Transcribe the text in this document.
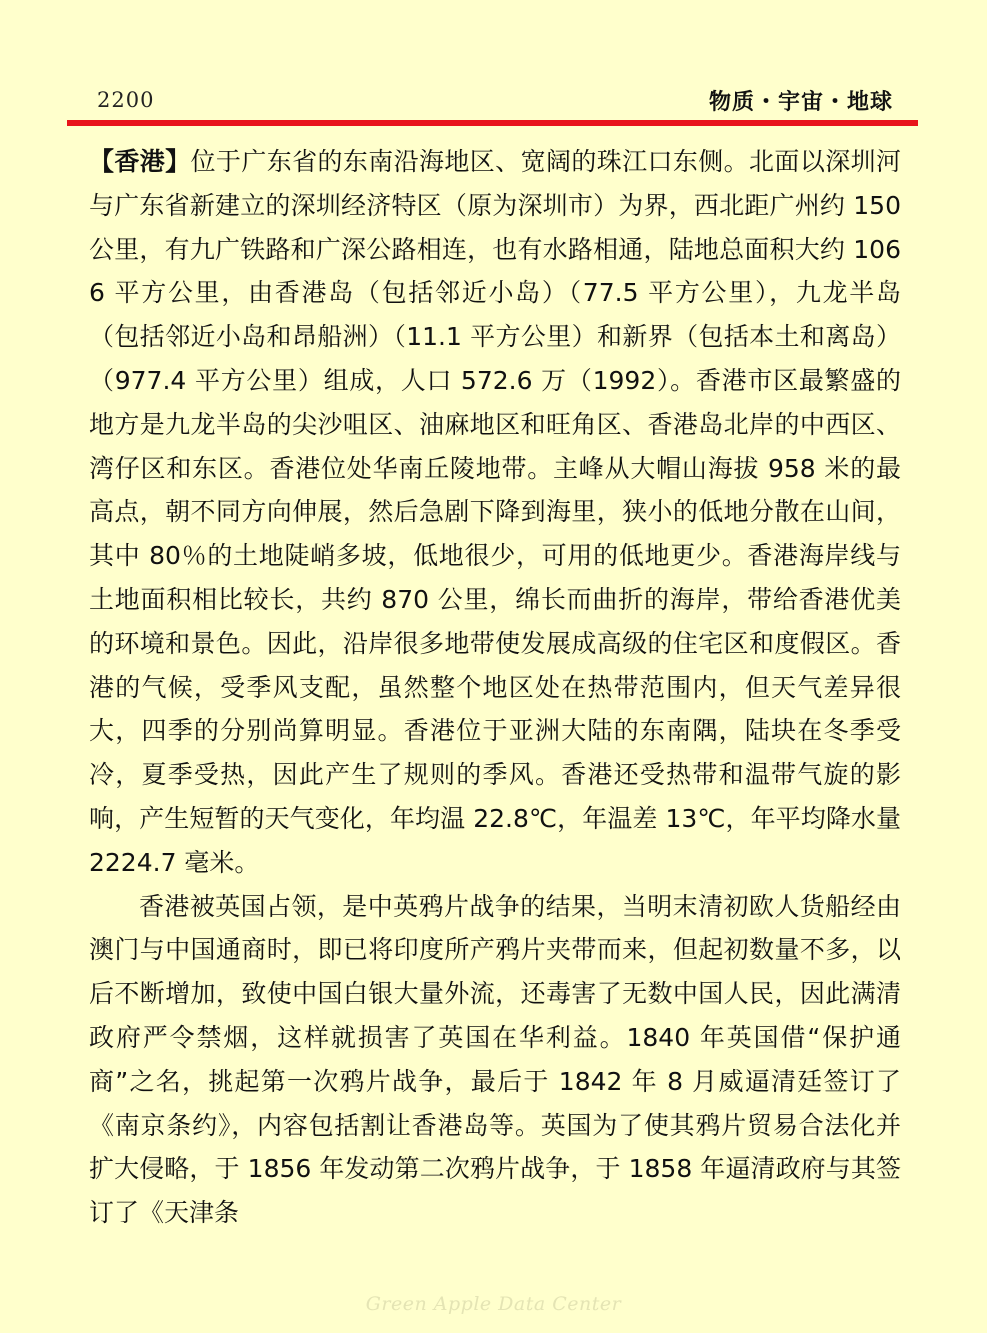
2200	物质・宇宙・地球

【香港】位于广东省的东南沿海地区、宽阔的珠江口东侧。北面以深圳河与广东省新建立的深圳经济特区（原为深圳市）为界，西北距广州约 150 公里，有九广铁路和广深公路相连，也有水路相通，陆地总面积大约 1066 平方公里，由香港岛（包括邻近小岛）（77.5 平方公里），九龙半岛（包括邻近小岛和昂船洲）（11.1 平方公里）和新界（包括本土和离岛）（977.4 平方公里）组成，人口 572.6 万（1992）。香港市区最繁盛的地方是九龙半岛的尖沙咀区、油麻地区和旺角区、香港岛北岸的中西区、湾仔区和东区。香港位处华南丘陵地带。主峰从大帽山海拔 958 米的最高点，朝不同方向伸展，然后急剧下降到海里，狭小的低地分散在山间，其中 80％的土地陡峭多坡，低地很少，可用的低地更少。香港海岸线与土地面积相比较长，共约 870 公里，绵长而曲折的海岸，带给香港优美的环境和景色。因此，沿岸很多地带使发展成高级的住宅区和度假区。香港的气候，受季风支配，虽然整个地区处在热带范围内，但天气差异很大，四季的分别尚算明显。香港位于亚洲大陆的东南隅，陆块在冬季受冷，夏季受热，因此产生了规则的季风。香港还受热带和温带气旋的影响，产生短暂的天气变化，年均温 22.8℃，年温差 13℃，年平均降水量 2224.7 毫米。

香港被英国占领，是中英鸦片战争的结果，当明末清初欧人货船经由澳门与中国通商时，即已将印度所产鸦片夹带而来，但起初数量不多，以后不断增加，致使中国白银大量外流，还毒害了无数中国人民，因此满清政府严令禁烟，这样就损害了英国在华利益。1840 年英国借“保护通商”之名，挑起第一次鸦片战争，最后于 1842 年 8 月威逼清廷签订了《南京条约》，内容包括割让香港岛等。英国为了使其鸦片贸易合法化并扩大侵略，于 1856 年发动第二次鸦片战争，于 1858 年逼清政府与其签订了《天津条

Green Apple Data Center
